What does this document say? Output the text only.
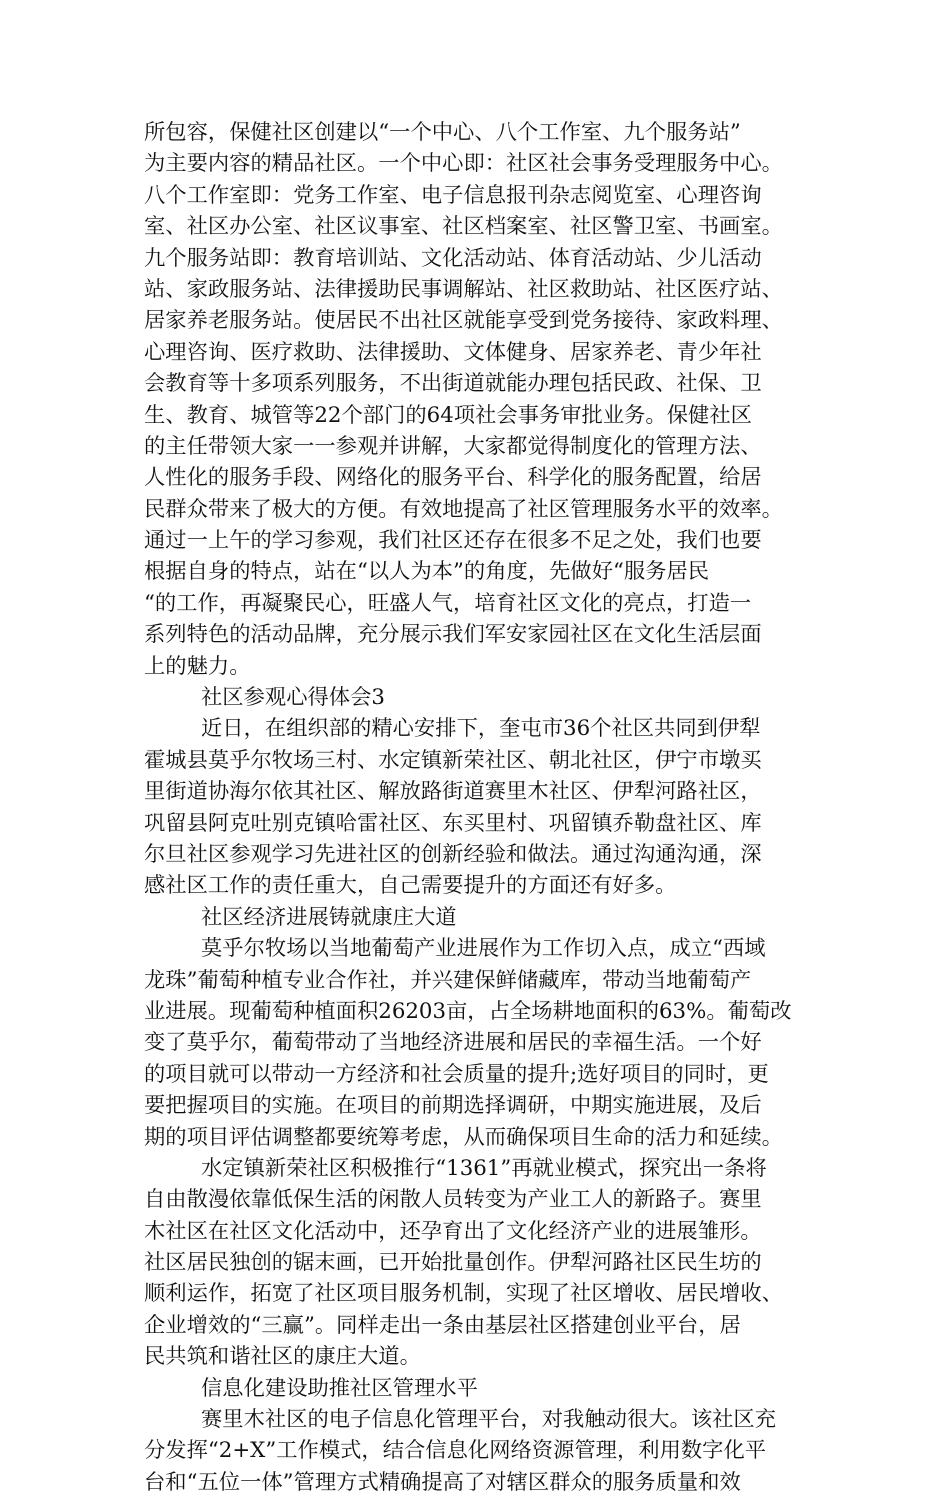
所包容，保健社区创建以“一个中心、八个工作室、九个服务站”
为主要内容的精品社区。一个中心即：社区社会事务受理服务中心。
八个工作室即：党务工作室、电子信息报刊杂志阅览室、心理咨询
室、社区办公室、社区议事室、社区档案室、社区警卫室、书画室。
九个服务站即：教育培训站、文化活动站、体育活动站、少儿活动
站、家政服务站、法律援助民事调解站、社区救助站、社区医疗站、
居家养老服务站。使居民不出社区就能享受到党务接待、家政料理、
心理咨询、医疗救助、法律援助、文体健身、居家养老、青少年社
会教育等十多项系列服务，不出街道就能办理包括民政、社保、卫
生、教育、城管等22个部门的64项社会事务审批业务。保健社区
的主任带领大家一一参观并讲解，大家都觉得制度化的管理方法、
人性化的服务手段、网络化的服务平台、科学化的服务配置，给居
民群众带来了极大的方便。有效地提高了社区管理服务水平的效率。
通过一上午的学习参观，我们社区还存在很多不足之处，我们也要
根据自身的特点，站在“以人为本”的角度，先做好“服务居民
“的工作，再凝聚民心，旺盛人气，培育社区文化的亮点，打造一
系列特色的活动品牌，充分展示我们军安家园社区在文化生活层面
上的魅力。
社区参观心得体会3
近日，在组织部的精心安排下，奎屯市36个社区共同到伊犁
霍城县莫乎尔牧场三村、水定镇新荣社区、朝北社区，伊宁市墩买
里街道协海尔依其社区、解放路街道赛里木社区、伊犁河路社区，
巩留县阿克吐别克镇哈雷社区、东买里村、巩留镇乔勒盘社区、库
尔旦社区参观学习先进社区的创新经验和做法。通过沟通沟通，深
感社区工作的责任重大，自己需要提升的方面还有好多。
社区经济进展铸就康庄大道
莫乎尔牧场以当地葡萄产业进展作为工作切入点，成立“西域
龙珠”葡萄种植专业合作社，并兴建保鲜储藏库，带动当地葡萄产
业进展。现葡萄种植面积26203亩，占全场耕地面积的63%。葡萄改
变了莫乎尔，葡萄带动了当地经济进展和居民的幸福生活。一个好
的项目就可以带动一方经济和社会质量的提升;选好项目的同时，更
要把握项目的实施。在项目的前期选择调研，中期实施进展，及后
期的项目评估调整都要统筹考虑，从而确保项目生命的活力和延续。
水定镇新荣社区积极推行“1361”再就业模式，探究出一条将
自由散漫依靠低保生活的闲散人员转变为产业工人的新路子。赛里
木社区在社区文化活动中，还孕育出了文化经济产业的进展雏形。
社区居民独创的锯末画，已开始批量创作。伊犁河路社区民生坊的
顺利运作，拓宽了社区项目服务机制，实现了社区增收、居民增收、
企业增效的“三赢”。同样走出一条由基层社区搭建创业平台，居
民共筑和谐社区的康庄大道。
信息化建设助推社区管理水平
赛里木社区的电子信息化管理平台，对我触动很大。该社区充
分发挥“2+X”工作模式，结合信息化网络资源管理，利用数字化平
台和“五位一体”管理方式精确提高了对辖区群众的服务质量和效
